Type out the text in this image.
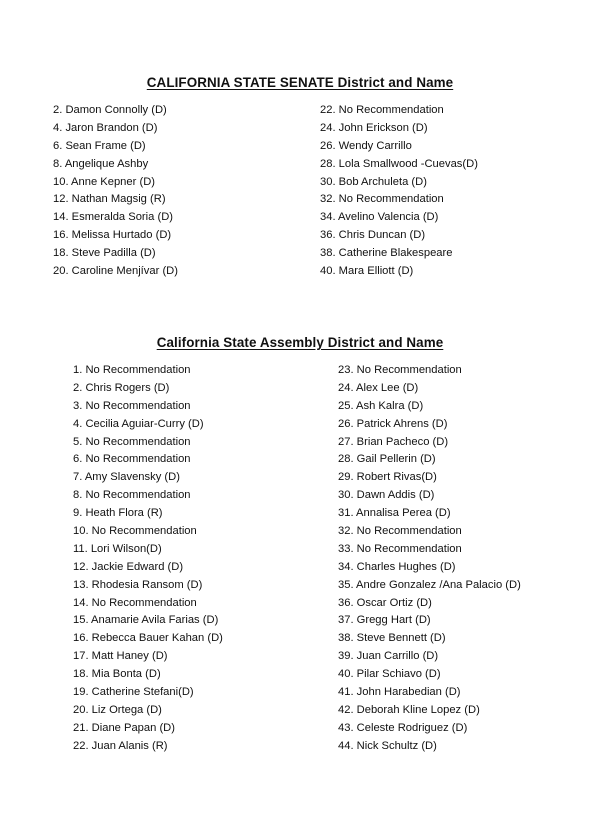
CALIFORNIA STATE SENATE District and Name
2. Damon Connolly (D)
4. Jaron Brandon (D)
6. Sean Frame (D)
8. Angelique Ashby
10. Anne Kepner (D)
12. Nathan Magsig (R)
14. Esmeralda Soria (D)
16. Melissa Hurtado (D)
18. Steve Padilla (D)
20. Caroline Menjívar (D)
22. No Recommendation
24. John Erickson (D)
26. Wendy Carrillo
28. Lola Smallwood -Cuevas(D)
30. Bob Archuleta (D)
32. No Recommendation
34. Avelino Valencia (D)
36. Chris Duncan (D)
38. Catherine Blakespeare
40. Mara Elliott (D)
California State Assembly District and Name
1. No Recommendation
2. Chris Rogers (D)
3. No Recommendation
4. Cecilia Aguiar-Curry (D)
5. No Recommendation
6. No Recommendation
7. Amy Slavensky (D)
8. No Recommendation
9. Heath Flora (R)
10. No Recommendation
11. Lori Wilson(D)
12. Jackie Edward (D)
13. Rhodesia Ransom (D)
14. No Recommendation
15. Anamarie Avila Farias (D)
16. Rebecca Bauer Kahan (D)
17. Matt Haney (D)
18. Mia Bonta (D)
19. Catherine Stefani(D)
20. Liz Ortega (D)
21. Diane Papan (D)
22. Juan Alanis (R)
23. No Recommendation
24. Alex Lee (D)
25. Ash Kalra (D)
26. Patrick Ahrens (D)
27. Brian Pacheco (D)
28. Gail Pellerin (D)
29. Robert Rivas(D)
30. Dawn Addis (D)
31. Annalisa Perea (D)
32. No Recommendation
33. No Recommendation
34. Charles Hughes (D)
35. Andre Gonzalez /Ana Palacio (D)
36. Oscar Ortiz (D)
37. Gregg Hart (D)
38. Steve Bennett (D)
39. Juan Carrillo (D)
40. Pilar Schiavo (D)
41. John Harabedian (D)
42. Deborah Kline Lopez (D)
43. Celeste Rodriguez (D)
44. Nick Schultz (D)
